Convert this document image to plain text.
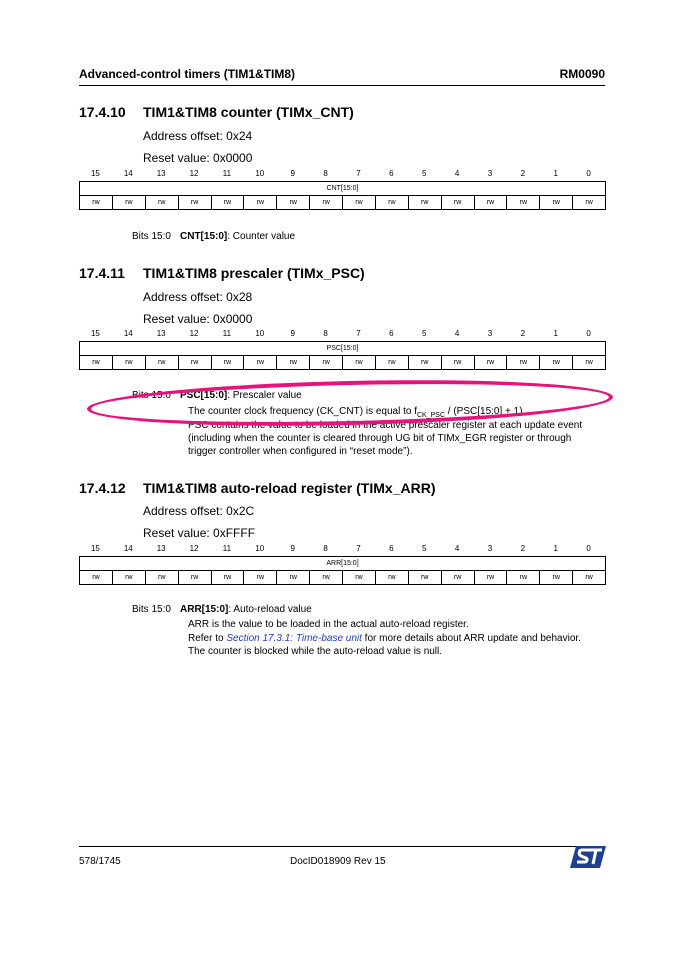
Advanced-control timers (TIM1&TIM8)	RM0090
17.4.10 TIM1&TIM8 counter (TIMx_CNT)
Address offset: 0x24
Reset value: 0x0000
15	14	13	12	11	10	9	8	7	6	5	4	3	2	1	0
CNT[15:0]
rw	rw	rw	rw	rw	rw	rw	rw	rw	rw	rw	rw	rw	rw	rw	rw
Bits 15:0 CNT[15:0]: Counter value
17.4.11 TIM1&TIM8 prescaler (TIMx_PSC)
Address offset: 0x28
Reset value: 0x0000
15	14	13	12	11	10	9	8	7	6	5	4	3	2	1	0
PSC[15:0]
rw	rw	rw	rw	rw	rw	rw	rw	rw	rw	rw	rw	rw	rw	rw	rw
Bits 15:0 PSC[15:0]: Prescaler value
The counter clock frequency (CK_CNT) is equal to $f_{CK\_PSC}$ / (PSC[15:0] + 1).
PSC contains the value to be loaded in the active prescaler register at each update event
(including when the counter is cleared through UG bit of TIMx_EGR register or through
trigger controller when configured in “reset mode”).
17.4.12 TIM1&TIM8 auto-reload register (TIMx_ARR)
Address offset: 0x2C
Reset value: 0xFFFF
15	14	13	12	11	10	9	8	7	6	5	4	3	2	1	0
ARR[15:0]
rw	rw	rw	rw	rw	rw	rw	rw	rw	rw	rw	rw	rw	rw	rw	rw
Bits 15:0 ARR[15:0]: Auto-reload value
ARR is the value to be loaded in the actual auto-reload register.
Refer to Section 17.3.1: Time-base unit for more details about ARR update and behavior.
The counter is blocked while the auto-reload value is null.
578/1745	DocID018909 Rev 15
